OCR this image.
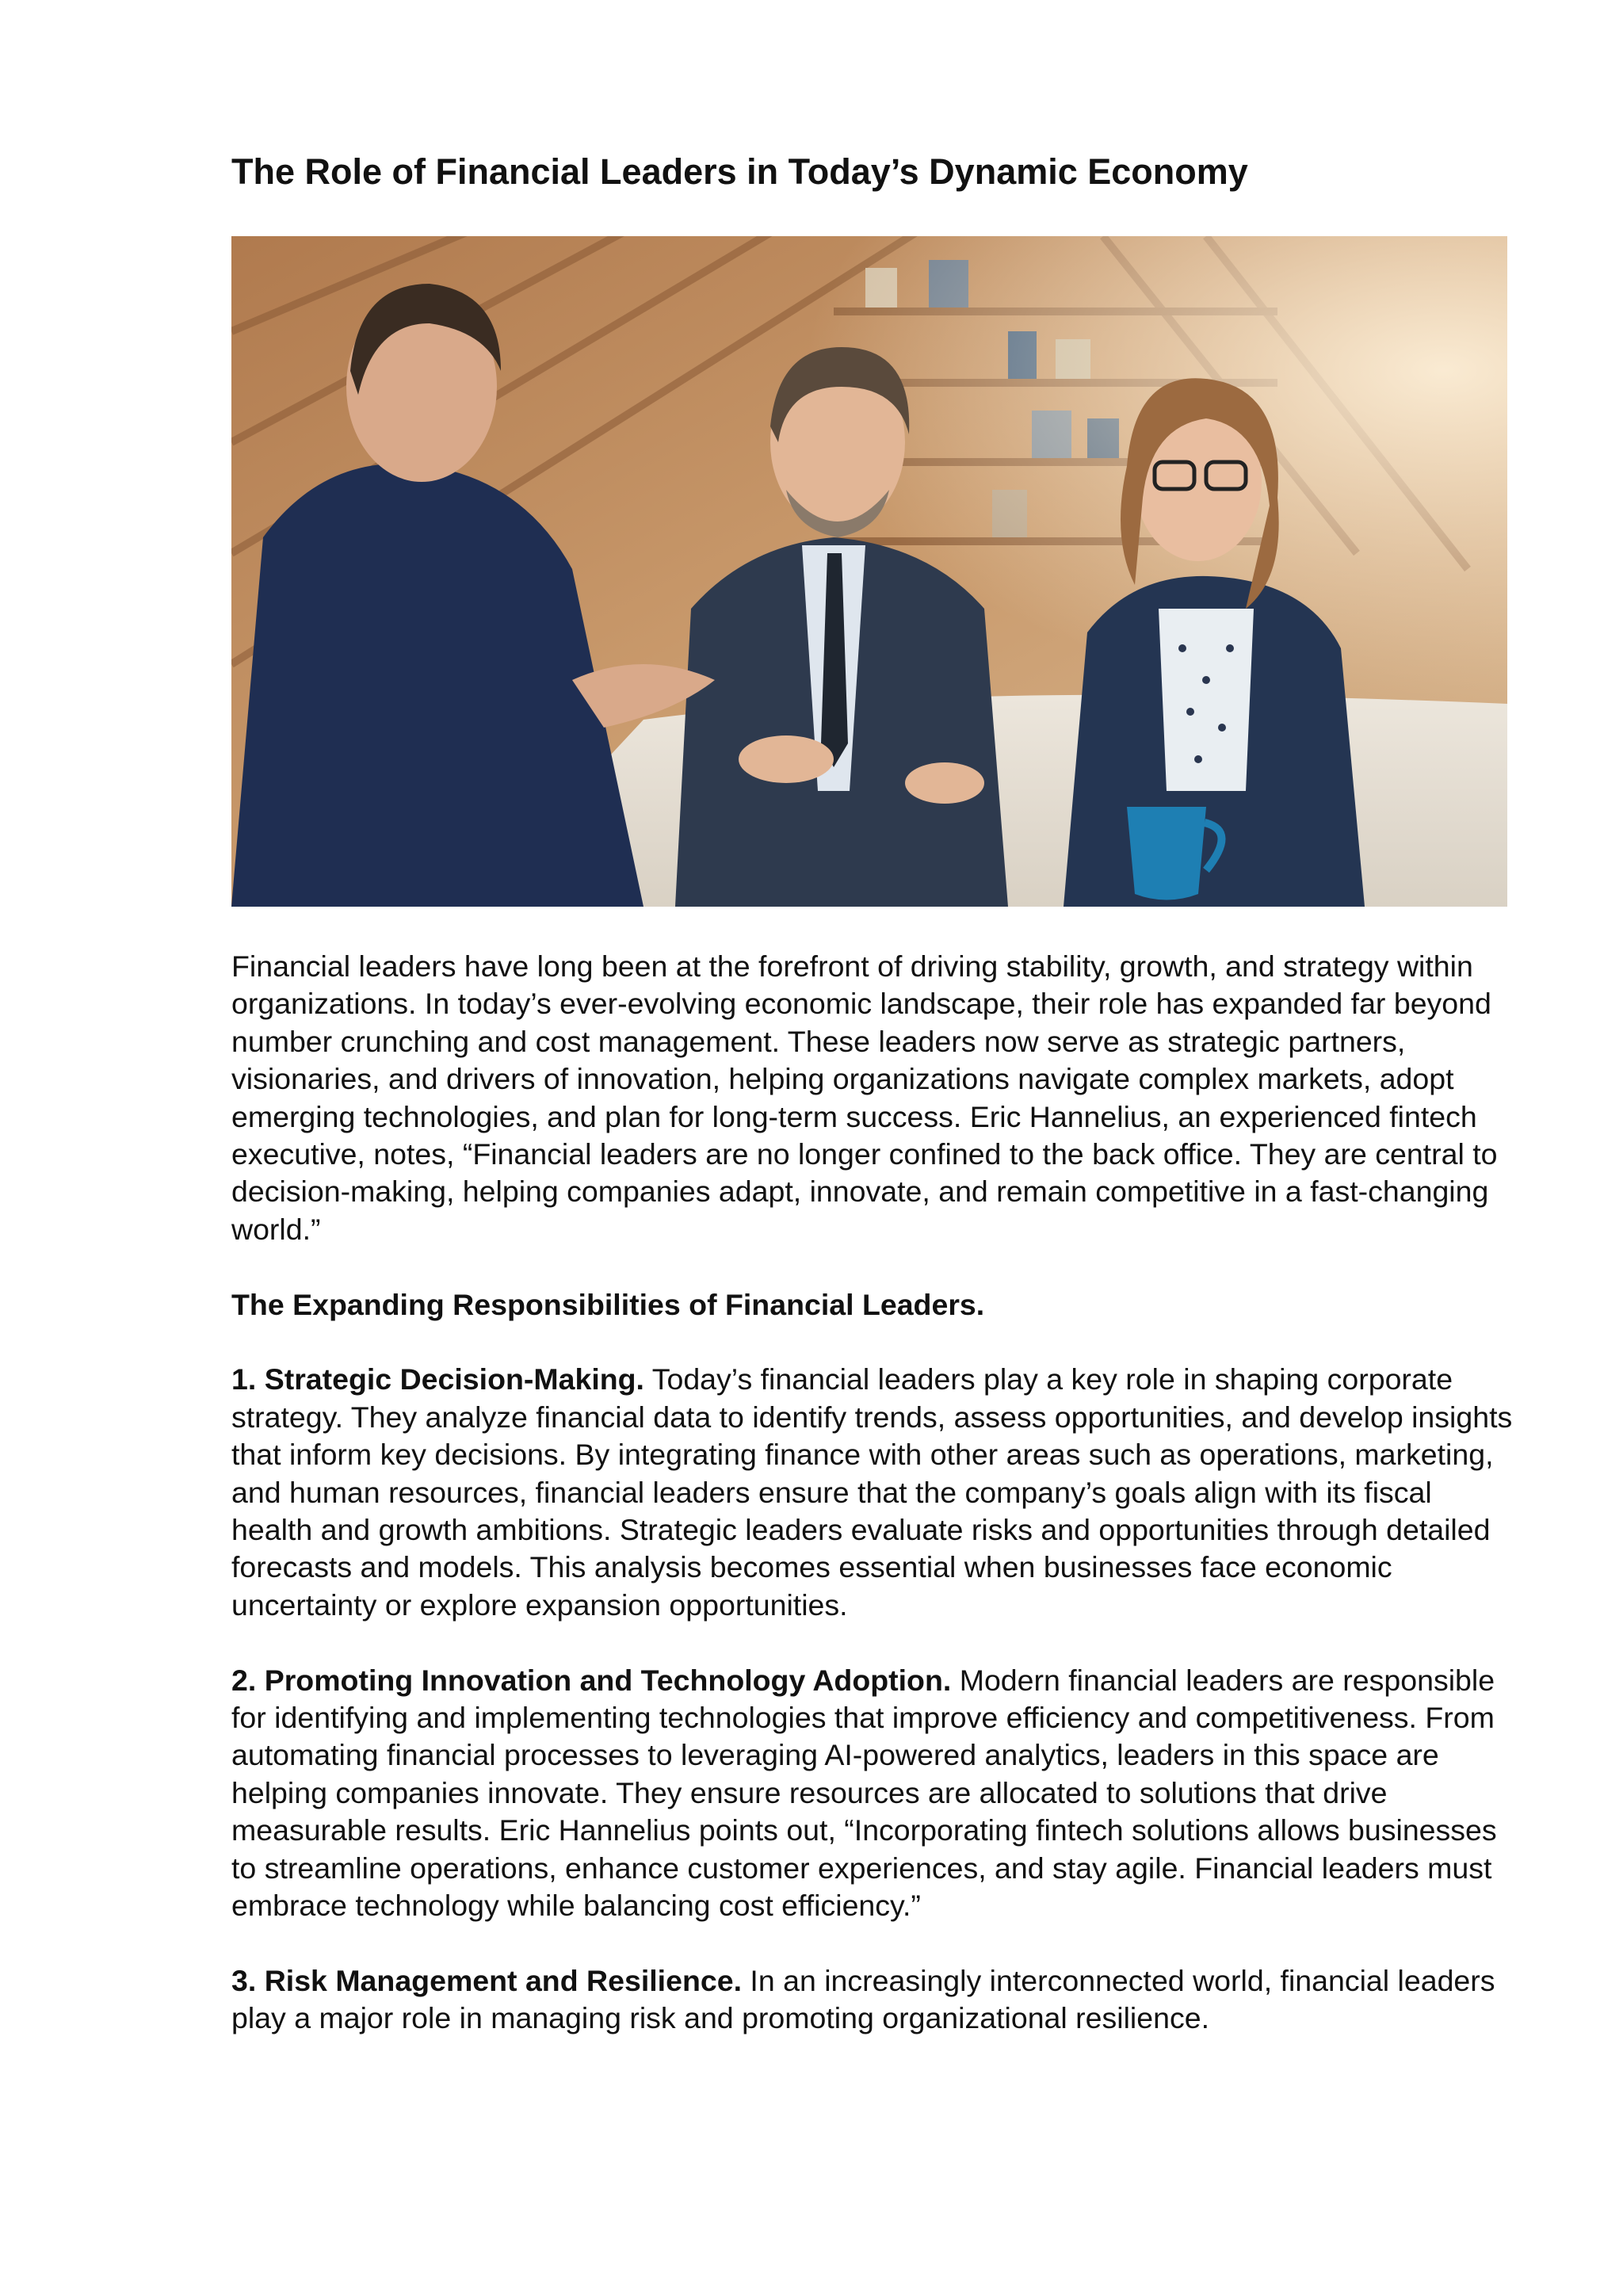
The Role of Financial Leaders in Today’s Dynamic Economy

Financial leaders have long been at the forefront of driving stability, growth, and strategy within organizations. In today’s ever-evolving economic landscape, their role has expanded far beyond number crunching and cost management. These leaders now serve as strategic partners, visionaries, and drivers of innovation, helping organizations navigate complex markets, adopt emerging technologies, and plan for long-term success. Eric Hannelius, an experienced fintech executive, notes, “Financial leaders are no longer confined to the back office. They are central to decision-making, helping companies adapt, innovate, and remain competitive in a fast-changing world.”

The Expanding Responsibilities of Financial Leaders.

1. Strategic Decision-Making. Today’s financial leaders play a key role in shaping corporate strategy. They analyze financial data to identify trends, assess opportunities, and develop insights that inform key decisions. By integrating finance with other areas such as operations, marketing, and human resources, financial leaders ensure that the company’s goals align with its fiscal health and growth ambitions. Strategic leaders evaluate risks and opportunities through detailed forecasts and models. This analysis becomes essential when businesses face economic uncertainty or explore expansion opportunities.

2. Promoting Innovation and Technology Adoption. Modern financial leaders are responsible for identifying and implementing technologies that improve efficiency and competitiveness. From automating financial processes to leveraging AI-powered analytics, leaders in this space are helping companies innovate. They ensure resources are allocated to solutions that drive measurable results. Eric Hannelius points out, “Incorporating fintech solutions allows businesses to streamline operations, enhance customer experiences, and stay agile. Financial leaders must embrace technology while balancing cost efficiency.”

3. Risk Management and Resilience. In an increasingly interconnected world, financial leaders play a major role in managing risk and promoting organizational resilience.
